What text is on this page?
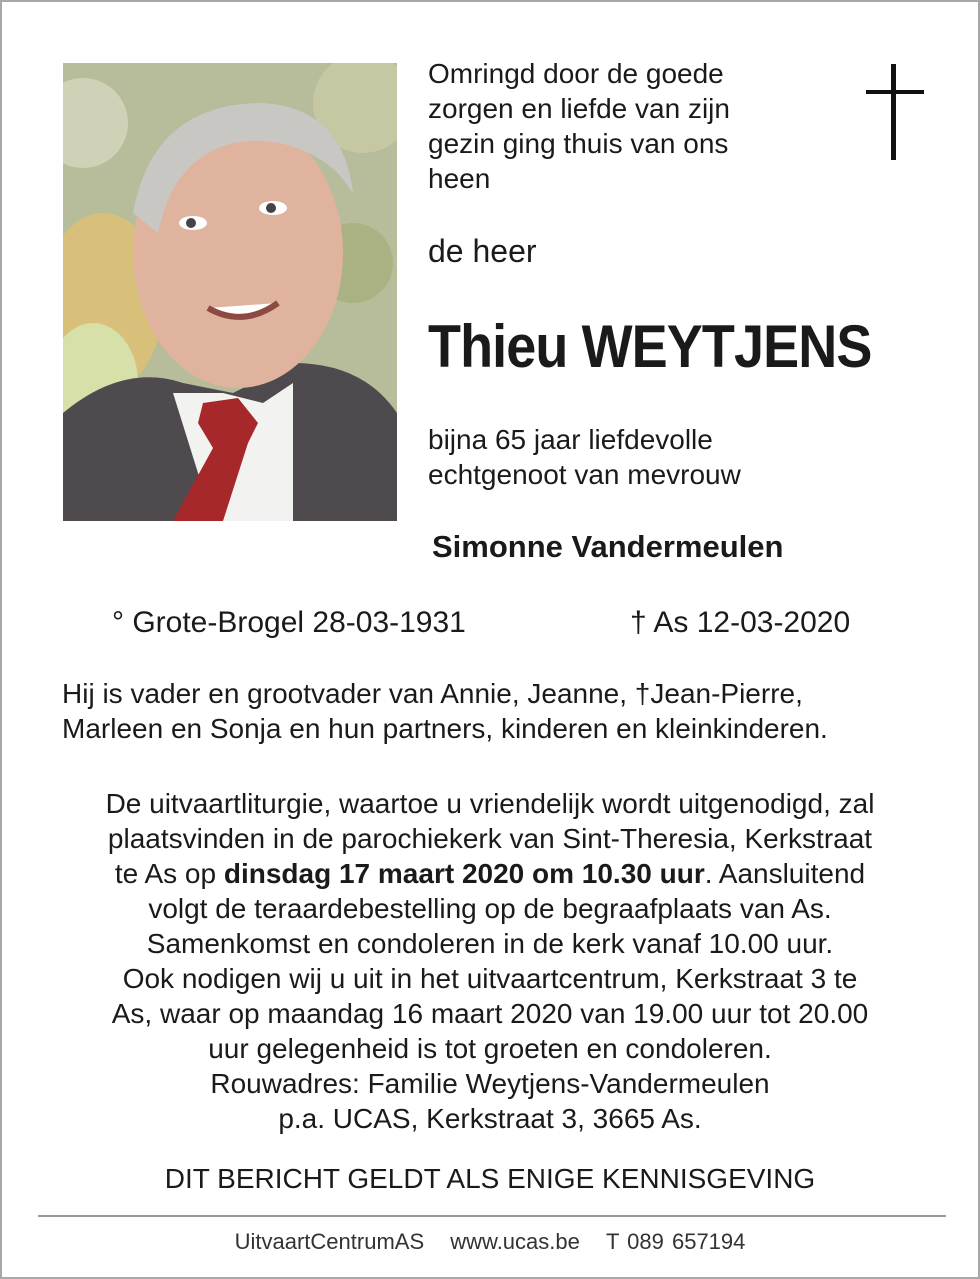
Omringd door de goede
zorgen en liefde van zijn
gezin ging thuis van ons
heen
de heer
Thieu WEYTJENS
bijna 65 jaar liefdevolle
echtgenoot van mevrouw
Simonne Vandermeulen
° Grote-Brogel 28-03-1931	† As 12-03-2020
Hij is vader en grootvader van Annie, Jeanne, †Jean-Pierre,
Marleen en Sonja en hun partners, kinderen en kleinkinderen.
De uitvaartliturgie, waartoe u vriendelijk wordt uitgenodigd, zal
plaatsvinden in de parochiekerk van Sint-Theresia, Kerkstraat
te As op dinsdag 17 maart 2020 om 10.30 uur. Aansluitend
volgt de teraardebestelling op de begraafplaats van As.
Samenkomst en condoleren in de kerk vanaf 10.00 uur.
Ook nodigen wij u uit in het uitvaartcentrum, Kerkstraat 3 te
As, waar op maandag 16 maart 2020 van 19.00 uur tot 20.00
uur gelegenheid is tot groeten en condoleren.
Rouwadres: Familie Weytjens-Vandermeulen
p.a. UCAS, Kerkstraat 3, 3665 As.
DIT BERICHT GELDT ALS ENIGE KENNISGEVING
UitvaartCentrumAS www.ucas.be T 089 657194
